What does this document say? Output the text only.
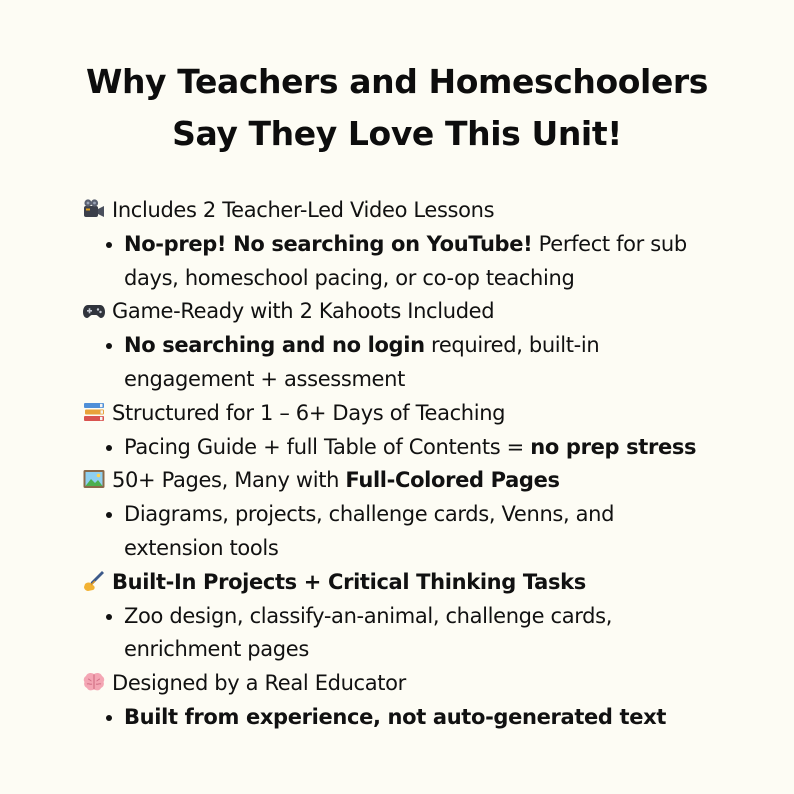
Why Teachers and Homeschoolers
Say They Love This Unit!
Includes 2 Teacher-Led Video Lessons
No-prep! No searching on YouTube! Perfect for sub
days, homeschool pacing, or co-op teaching
Game-Ready with 2 Kahoots Included
No searching and no login required, built-in
engagement + assessment
Structured for 1 – 6+ Days of Teaching
Pacing Guide + full Table of Contents = no prep stress
50+ Pages, Many with Full-Colored Pages
Diagrams, projects, challenge cards, Venns, and
extension tools
Built-In Projects + Critical Thinking Tasks
Zoo design, classify-an-animal, challenge cards,
enrichment pages
Designed by a Real Educator
Built from experience, not auto-generated text
